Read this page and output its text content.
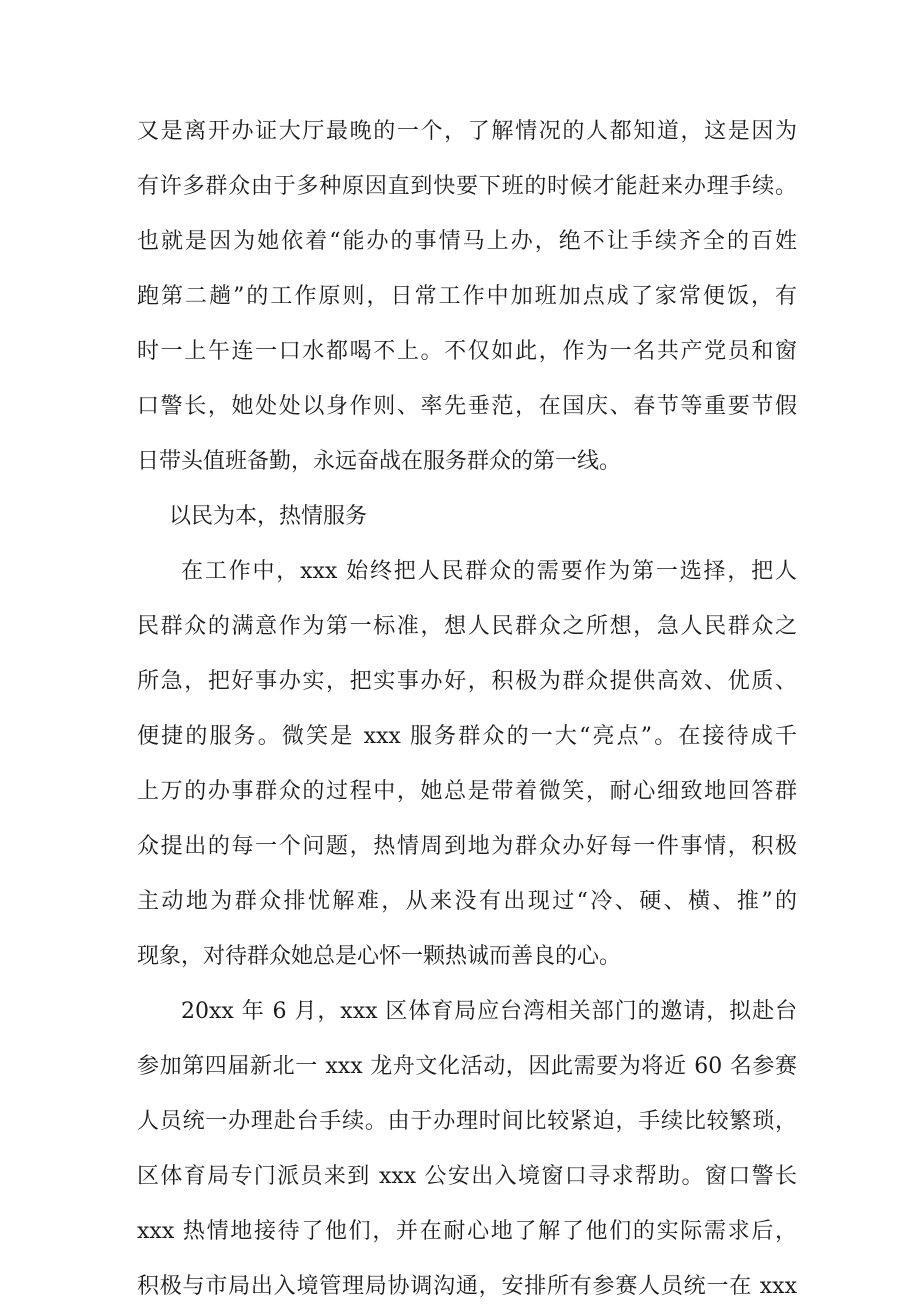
又是离开办证大厅最晚的一个，了解情况的人都知道，这是因为
有许多群众由于多种原因直到快要下班的时候才能赶来办理手续。
也就是因为她依着“能办的事情马上办，绝不让手续齐全的百姓
跑第二趟”的工作原则，日常工作中加班加点成了家常便饭，有
时一上午连一口水都喝不上。不仅如此，作为一名共产党员和窗
口警长，她处处以身作则、率先垂范，在国庆、春节等重要节假
日带头值班备勤，永远奋战在服务群众的第一线。
以民为本，热情服务
在工作中，xxx 始终把人民群众的需要作为第一选择，把人
民群众的满意作为第一标准，想人民群众之所想，急人民群众之
所急，把好事办实，把实事办好，积极为群众提供高效、优质、
便捷的服务。微笑是 xxx 服务群众的一大“亮点”。在接待成千
上万的办事群众的过程中，她总是带着微笑，耐心细致地回答群
众提出的每一个问题，热情周到地为群众办好每一件事情，积极
主动地为群众排忧解难，从来没有出现过“冷、硬、横、推”的
现象，对待群众她总是心怀一颗热诚而善良的心。
20xx 年 6 月，xxx 区体育局应台湾相关部门的邀请，拟赴台
参加第四届新北一 xxx 龙舟文化活动，因此需要为将近 60 名参赛
人员统一办理赴台手续。由于办理时间比较紧迫，手续比较繁琐，
区体育局专门派员来到 xxx 公安出入境窗口寻求帮助。窗口警长
xxx 热情地接待了他们，并在耐心地了解了他们的实际需求后，
积极与市局出入境管理局协调沟通，安排所有参赛人员统一在 xxx
